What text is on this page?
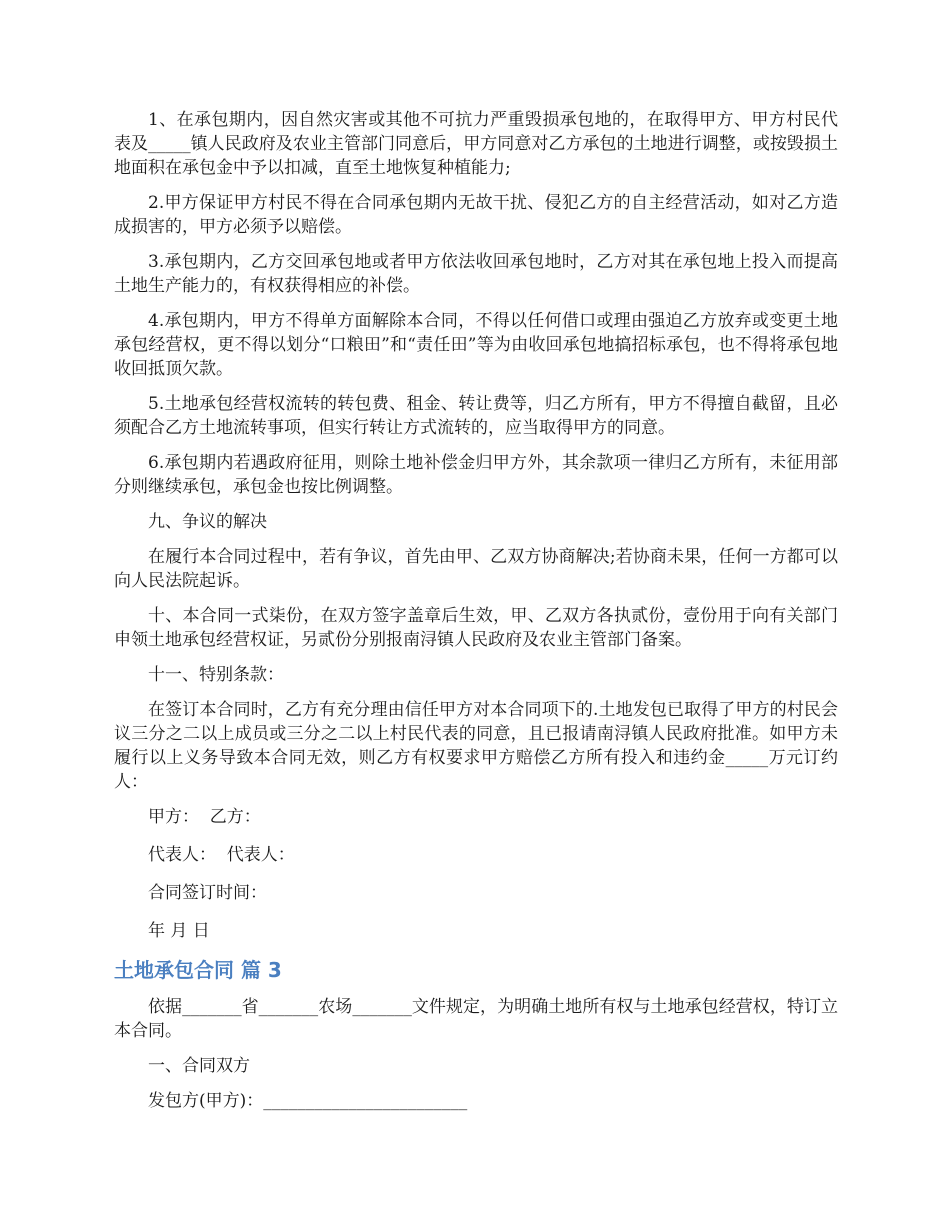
1、在承包期内，因自然灾害或其他不可抗力严重毁损承包地的，在取得甲方、甲方村民代表及_____镇人民政府及农业主管部门同意后，甲方同意对乙方承包的土地进行调整，或按毁损土地面积在承包金中予以扣减，直至土地恢复种植能力;

2.甲方保证甲方村民不得在合同承包期内无故干扰、侵犯乙方的自主经营活动，如对乙方造成损害的，甲方必须予以赔偿。

3.承包期内，乙方交回承包地或者甲方依法收回承包地时，乙方对其在承包地上投入而提高土地生产能力的，有权获得相应的补偿。

4.承包期内，甲方不得单方面解除本合同，不得以任何借口或理由强迫乙方放弃或变更土地承包经营权，更不得以划分“口粮田”和“责任田”等为由收回承包地搞招标承包，也不得将承包地收回抵顶欠款。

5.土地承包经营权流转的转包费、租金、转让费等，归乙方所有，甲方不得擅自截留，且必须配合乙方土地流转事项，但实行转让方式流转的，应当取得甲方的同意。

6.承包期内若遇政府征用，则除土地补偿金归甲方外，其余款项一律归乙方所有，未征用部分则继续承包，承包金也按比例调整。

九、争议的解决

在履行本合同过程中，若有争议，首先由甲、乙双方协商解决;若协商未果，任何一方都可以向人民法院起诉。

十、本合同一式柒份，在双方签字盖章后生效，甲、乙双方各执贰份，壹份用于向有关部门申领土地承包经营权证，另贰份分别报南浔镇人民政府及农业主管部门备案。

十一、特别条款：

在签订本合同时，乙方有充分理由信任甲方对本合同项下的.土地发包已取得了甲方的村民会议三分之二以上成员或三分之二以上村民代表的同意，且已报请南浔镇人民政府批准。如甲方未履行以上义务导致本合同无效，则乙方有权要求甲方赔偿乙方所有投入和违约金_____万元订约人：

甲方：  乙方：

代表人：  代表人：

合同签订时间：

年 月 日

土地承包合同 篇 3

依据_______省_______农场_______文件规定，为明确土地所有权与土地承包经营权，特订立本合同。

一、合同双方

发包方(甲方)：________________________
